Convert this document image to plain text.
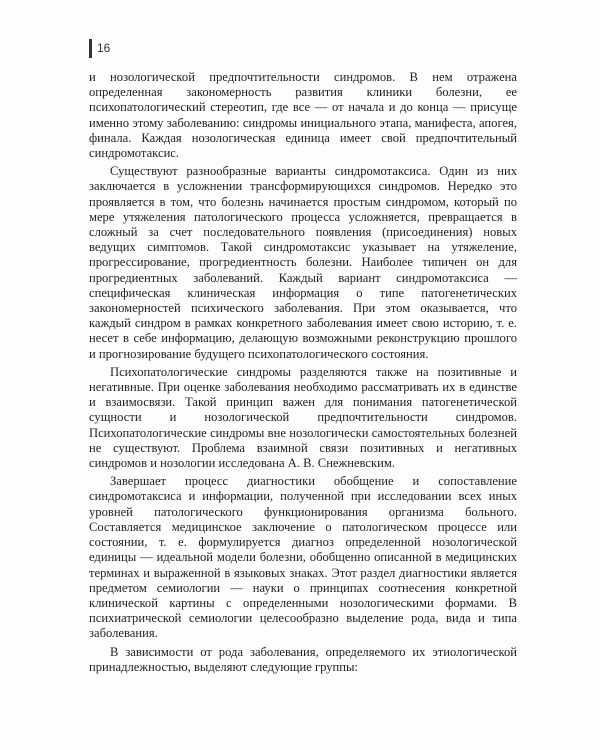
16

и нозологической предпочтительности синдромов. В нем отражена определенная закономерность развития клиники болезни, ее психопатологический стереотип, где все — от начала и до конца — присуще именно этому заболеванию: синдромы инициального этапа, манифеста, апогея, финала. Каждая нозологическая единица имеет свой предпочтительный синдромотаксис.

Существуют разнообразные варианты синдромотаксиса. Один из них заключается в усложнении трансформирующихся синдромов. Нередко это проявляется в том, что болезнь начинается простым синдромом, который по мере утяжеления патологического процесса усложняется, превращается в сложный за счет последовательного появления (присоединения) новых ведущих симптомов. Такой синдромотаксис указывает на утяжеление, прогрессирование, прогредиентность болезни. Наиболее типичен он для прогредиентных заболеваний. Каждый вариант синдромотаксиса — специфическая клиническая информация о типе патогенетических закономерностей психического заболевания. При этом оказывается, что каждый синдром в рамках конкретного заболевания имеет свою историю, т. е. несет в себе информацию, делающую возможными реконструкцию прошлого и прогнозирование будущего психопатологического состояния.

Психопатологические синдромы разделяются также на позитивные и негативные. При оценке заболевания необходимо рассматривать их в единстве и взаимосвязи. Такой принцип важен для понимания патогенетической сущности и нозологической предпочтительности синдромов. Психопатологические синдромы вне нозологически самостоятельных болезней не существуют. Проблема взаимной связи позитивных и негативных синдромов и нозологии исследована А. В. Снежневским.

Завершает процесс диагностики обобщение и сопоставление синдромотаксиса и информации, полученной при исследовании всех иных уровней патологического функционирования организма больного. Составляется медицинское заключение о патологическом процессе или состоянии, т. е. формулируется диагноз определенной нозологической единицы — идеальной модели болезни, обобщенно описанной в медицинских терминах и выраженной в языковых знаках. Этот раздел диагностики является предметом семиологии — науки о принципах соотнесения конкретной клинической картины с определенными нозологическими формами. В психиатрической семиологии целесообразно выделение рода, вида и типа заболевания.

В зависимости от рода заболевания, определяемого их этиологической принадлежностью, выделяют следующие группы:
